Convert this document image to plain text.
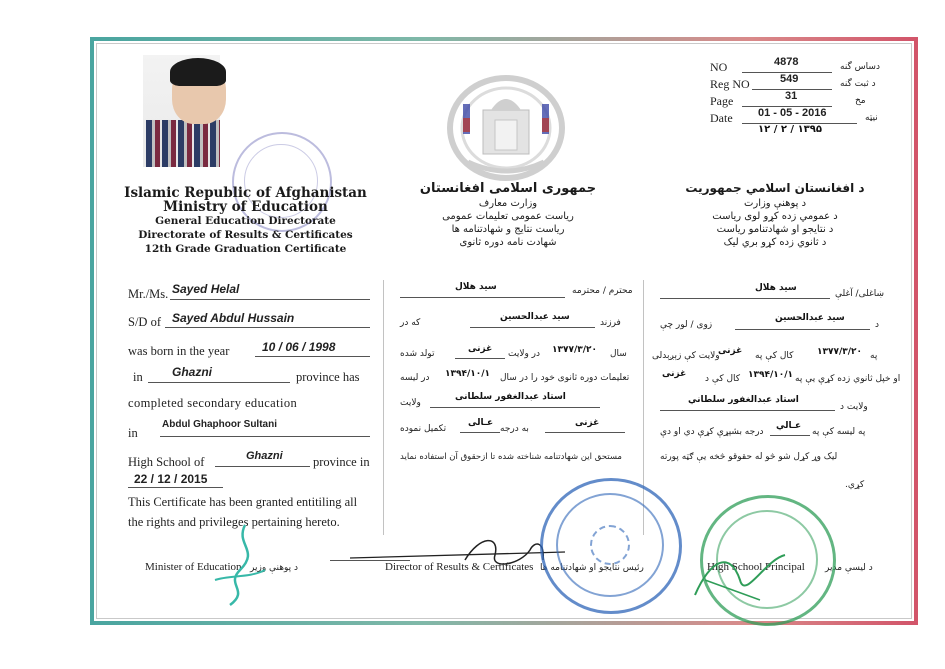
NO	4878	دساس گنه
Reg NO	549	د ثبت گنه
Page	31	مخ
Date 01 - 05 - 2016	نیټه
۱۳۹۵ / ۲ / ۱۲
Islamic Republic of Afghanistan
Ministry of Education
General Education Directorate
Directorate of Results & Certificates
12th Grade Graduation Certificate
جمهوری اسلامی افغانستان
وزارت معارف
ریاست عمومی تعلیمات عمومی
ریاست نتایج و شهادتنامه ها
شهادت نامه دوره ثانوی
د افغانستان اسلامي جمهوریت
د پوهنې وزارت
د عمومي زده کړو لوی ریاست
د نتایجو او شهادتنامو ریاست
د ثانوي زده کړو بري لیک
Mr./Ms. Sayed Helal
S/D of Sayed Abdul Hussain
was born in the year	10 / 06 / 1998
in Ghazni	province has
completed secondary education
in
Abdul Ghaphoor Sultani
High School of	Ghazni province in
22 / 12 / 2015
This Certificate has been granted entitiling all
the rights and privileges pertaining hereto.
محترم / محترمه
سید هلال
فرزند
سید عبدالحسین
که در
سال
۱۳۷۷/۳/۲۰
در ولایت
غزنی
تولد شده
تعلیمات دوره ثانوی خود را در سال
۱۳۹۴/۱۰/۱
در لیسه
استاد عبدالغفور سلطانی
ولایت
غزنی
به درجه
عـالی
تکمیل نموده
مستحق این شهادتنامه شناخته شده تا ازحقوق آن استفاده نماید
ښاغلی/ آغلې
سید هلال
د
سید عبدالحسین
زوی / لور چې
په
۱۳۷۷/۳/۲۰
کال کې په
غزنی
ولایت کې زېږېدلی
او خپل ثانوي زده کړې یې په
۱۳۹۴/۱۰/۱
کال کې د
غزنی
ولایت د
استاد عبدالغفور سلطاني
په لیسه کې په
عـالي
درجه بشپړې کړې دي او دې
لیک وړ کړل شو څو له حقوقو څخه یې ګټه پورته
کړي.
Minister of Education د پوهنې وزیر	Director of Results & Certificates رئیس نتایجو او شهادتنامه ها	High School Principal د لیسې مدیر
